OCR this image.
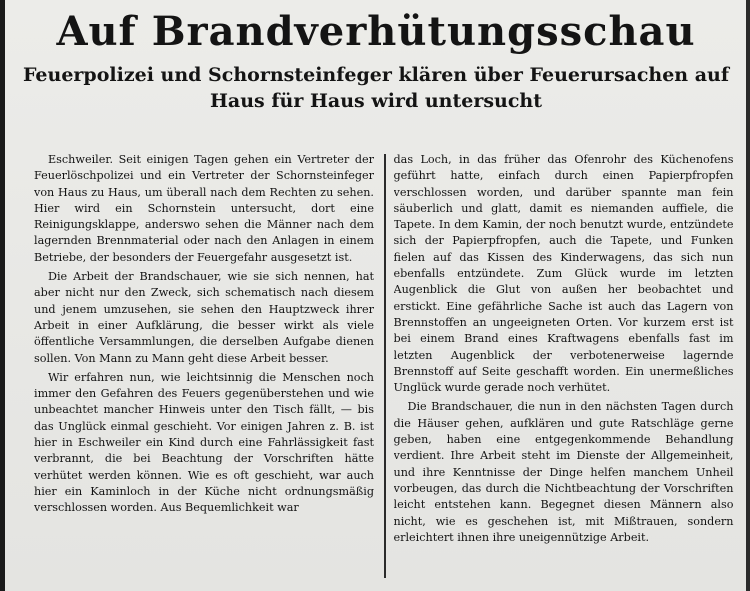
Auf Brandverhütungsschau
Feuerpolizei und Schornsteinfeger klären über Feuerursachen auf
Haus für Haus wird untersucht

Eschweiler. Seit einigen Tagen gehen ein Vertreter der Feuerlöschpolizei und ein Vertreter der Schornsteinfeger von Haus zu Haus, um überall nach dem Rechten zu sehen. Hier wird ein Schornstein untersucht, dort eine Reinigungsklappe, anderswo sehen die Männer nach dem lagernden Brennmaterial oder nach den Anlagen in einem Betriebe, der besonders der Feuergefahr ausgesetzt ist.

Die Arbeit der Brandschauer, wie sie sich nennen, hat aber nicht nur den Zweck, sich schematisch nach diesem und jenem umzusehen, sie sehen den Hauptzweck ihrer Arbeit in einer Aufklärung, die besser wirkt als viele öffentliche Versammlungen, die derselben Aufgabe dienen sollen. Von Mann zu Mann geht diese Arbeit besser.

Wir erfahren nun, wie leichtsinnig die Menschen noch immer den Gefahren des Feuers gegenüberstehen und wie unbeachtet mancher Hinweis unter den Tisch fällt, — bis das Unglück einmal geschieht. Vor einigen Jahren z. B. ist hier in Eschweiler ein Kind durch eine Fahrlässigkeit fast verbrannt, die bei Beachtung der Vorschriften hätte verhütet werden können. Wie es oft geschieht, war auch hier ein Kaminloch in der Küche nicht ordnungsmäßig verschlossen worden. Aus Bequemlichkeit war

das Loch, in das früher das Ofenrohr des Küchenofens geführt hatte, einfach durch einen Papierpfropfen verschlossen worden, und darüber spannte man fein säuberlich und glatt, damit es niemanden auffiele, die Tapete. In dem Kamin, der noch benutzt wurde, entzündete sich der Papierpfropfen, auch die Tapete, und Funken fielen auf das Kissen des Kinderwagens, das sich nun ebenfalls entzündete. Zum Glück wurde im letzten Augenblick die Glut von außen her beobachtet und erstickt. Eine gefährliche Sache ist auch das Lagern von Brennstoffen an ungeeigneten Orten. Vor kurzem erst ist bei einem Brand eines Kraftwagens ebenfalls fast im letzten Augenblick der verbotenerweise lagernde Brennstoff auf Seite geschafft worden. Ein unermeßliches Unglück wurde gerade noch verhütet.

Die Brandschauer, die nun in den nächsten Tagen durch die Häuser gehen, aufklären und gute Ratschläge gerne geben, haben eine entgegenkommende Behandlung verdient. Ihre Arbeit steht im Dienste der Allgemeinheit, und ihre Kenntnisse der Dinge helfen manchem Unheil vorbeugen, das durch die Nichtbeachtung der Vorschriften leicht entstehen kann. Begegnet diesen Männern also nicht, wie es geschehen ist, mit Mißtrauen, sondern erleichtert ihnen ihre uneigennützige Arbeit.
